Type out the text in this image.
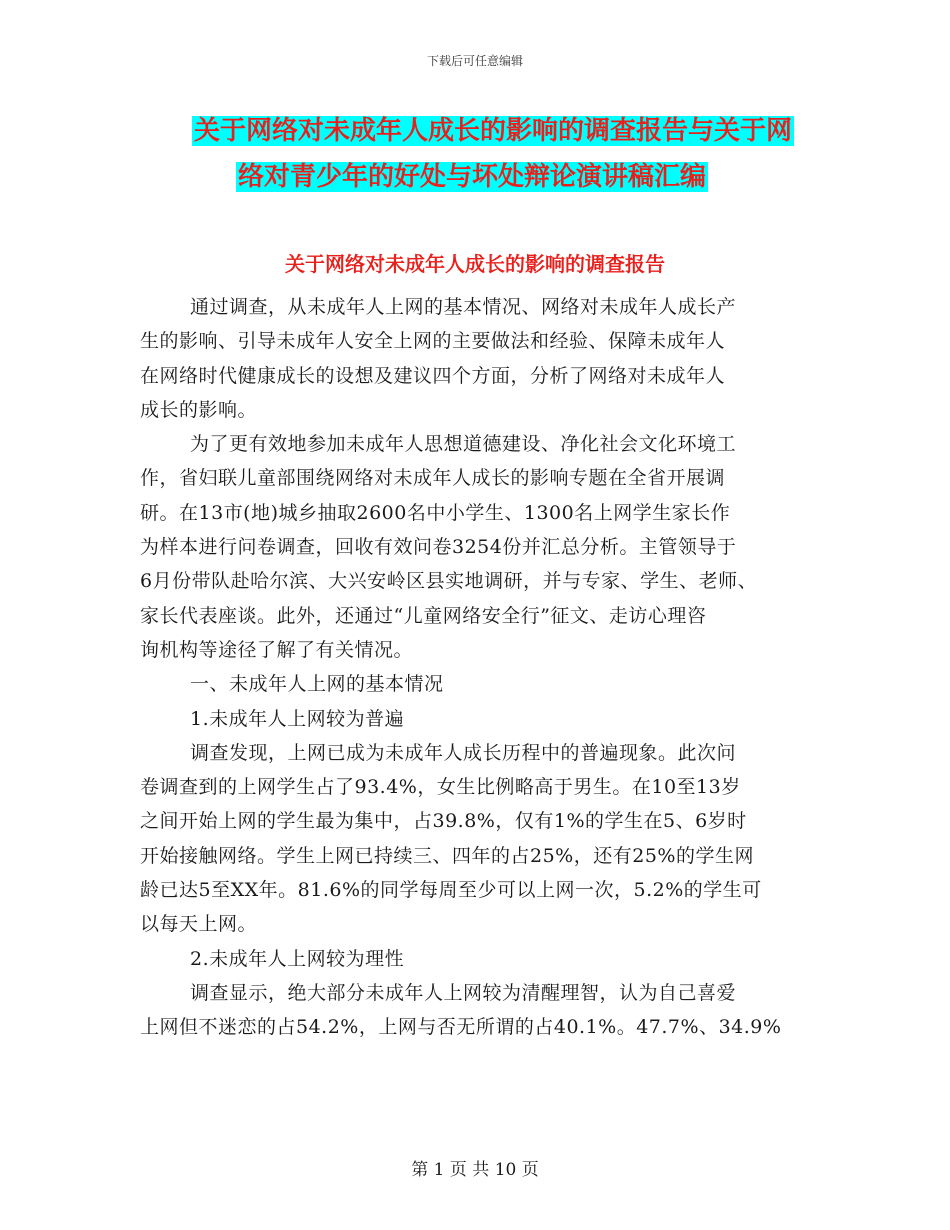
下载后可任意编辑
关于网络对未成年人成长的影响的调查报告与关于网
络对青少年的好处与坏处辩论演讲稿汇编
关于网络对未成年人成长的影响的调查报告
通过调查，从未成年人上网的基本情况、网络对未成年人成长产
生的影响、引导未成年人安全上网的主要做法和经验、保障未成年人
在网络时代健康成长的设想及建议四个方面，分析了网络对未成年人
成长的影响。
为了更有效地参加未成年人思想道德建设、净化社会文化环境工
作，省妇联儿童部围绕网络对未成年人成长的影响专题在全省开展调
研。在13市(地)城乡抽取2600名中小学生、1300名上网学生家长作
为样本进行问卷调查，回收有效问卷3254份并汇总分析。主管领导于
6月份带队赴哈尔滨、大兴安岭区县实地调研，并与专家、学生、老师、
家长代表座谈。此外，还通过“儿童网络安全行”征文、走访心理咨
询机构等途径了解了有关情况。
一、未成年人上网的基本情况
1.未成年人上网较为普遍
调查发现，上网已成为未成年人成长历程中的普遍现象。此次问
卷调查到的上网学生占了93.4%，女生比例略高于男生。在10至13岁
之间开始上网的学生最为集中，占39.8%，仅有1%的学生在5、6岁时
开始接触网络。学生上网已持续三、四年的占25%，还有25%的学生网
龄已达5至XX年。81.6%的同学每周至少可以上网一次，5.2%的学生可
以每天上网。
2.未成年人上网较为理性
调查显示，绝大部分未成年人上网较为清醒理智，认为自己喜爱
上网但不迷恋的占54.2%，上网与否无所谓的占40.1%。47.7%、34.9%
第 1 页 共 10 页
